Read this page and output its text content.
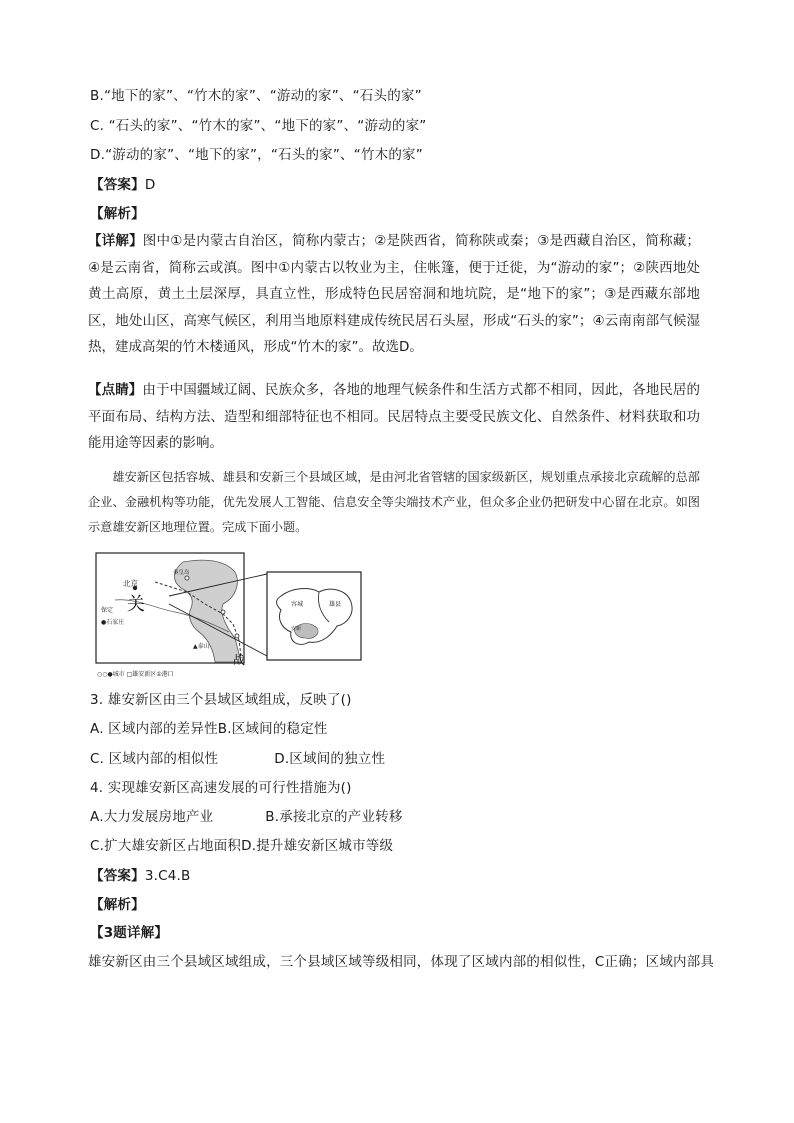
B.“地下的家”、“竹木的家”、“游动的家”、“石头的家”
C. “石头的家”、“竹木的家”、“地下的家”、“游动的家”
D.“游动的家”、“地下的家”，“石头的家”、“竹木的家”
【答案】D
【解析】
【详解】图中①是内蒙古自治区，简称内蒙古；②是陕西省，简称陕或秦；③是西藏自治区，简称藏；④是云南省，简称云或滇。图中①内蒙古以牧业为主，住帐篷，便于迁徙，为“游动的家”；②陕西地处黄土高原，黄土土层深厚，具直立性，形成特色民居窑洞和地坑院，是“地下的家”；③是西藏东部地区，地处山区，高寒气候区，利用当地原料建成传统民居石头屋，形成“石头的家”；④云南南部气候湿热，建成高架的竹木楼通风，形成“竹木的家”。故选D。
【点睛】由于中国疆域辽阔、民族众多，各地的地理气候条件和生活方式都不相同，因此，各地民居的平面布局、结构方法、造型和细部特征也不相同。民居特点主要受民族文化、自然条件、材料获取和功能用途等因素的影响。
雄安新区包括容城、雄县和安新三个县域区域，是由河北省管辖的国家级新区，规划重点承接北京疏解的总部企业、金融机构等功能，优先发展人工智能、信息安全等尖端技术产业，但众多企业仍把研发中心留在北京。如图示意雄安新区地理位置。完成下面小题。
北京
秦皇岛
保定
●石家庄
▲泰山
关
战
○○●城市 □雄安新区①港口
容城	雄县
安新
3. 雄安新区由三个县域区域组成，反映了()
A. 区域内部的差异性B.区域间的稳定性
C. 区域内部的相似性	D.区域间的独立性
4. 实现雄安新区高速发展的可行性措施为()
A.大力发展房地产业	B.承接北京的产业转移
C.扩大雄安新区占地面积D.提升雄安新区城市等级
【答案】3.C4.B
【解析】
【3题详解】
雄安新区由三个县域区域组成，三个县域区域等级相同，体现了区域内部的相似性，C正确；区域内部具
